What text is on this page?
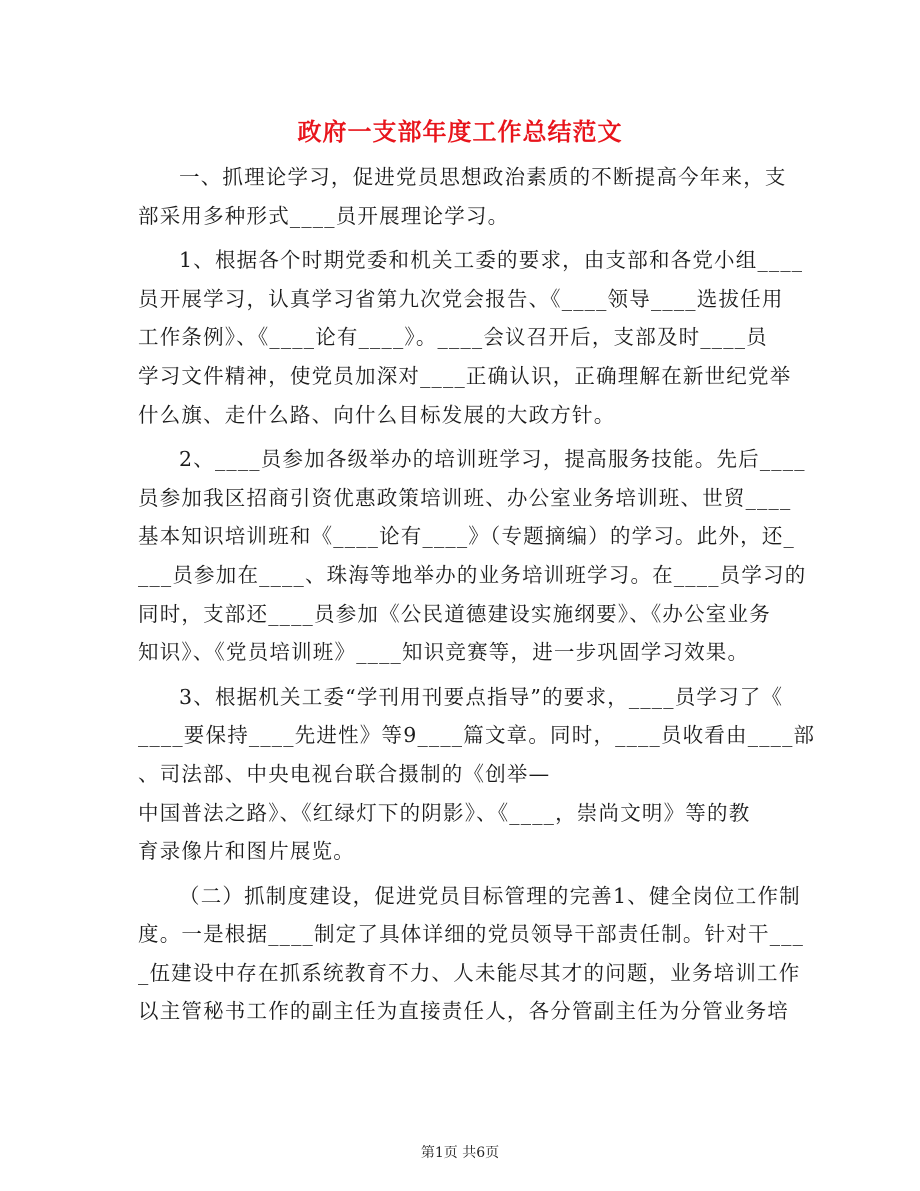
政府一支部年度工作总结范文
一、抓理论学习，促进党员思想政治素质的不断提高今年来，支
部采用多种形式____员开展理论学习。
1、根据各个时期党委和机关工委的要求，由支部和各党小组____
员开展学习，认真学习省第九次党会报告、《____领导____选拔任用
工作条例》、《____论有____》。____会议召开后，支部及时____员
学习文件精神，使党员加深对____正确认识，正确理解在新世纪党举
什么旗、走什么路、向什么目标发展的大政方针。
2、____员参加各级举办的培训班学习，提高服务技能。先后____
员参加我区招商引资优惠政策培训班、办公室业务培训班、世贸____
基本知识培训班和《____论有____》（专题摘编）的学习。此外，还_
___员参加在____、珠海等地举办的业务培训班学习。在____员学习的
同时，支部还____员参加《公民道德建设实施纲要》、《办公室业务
知识》、《党员培训班》____知识竞赛等，进一步巩固学习效果。
3、根据机关工委“学刊用刊要点指导”的要求，____员学习了《
____要保持____先进性》等9____篇文章。同时，____员收看由____部
、司法部、中央电视台联合摄制的《创举—
中国普法之路》、《红绿灯下的阴影》、《____，崇尚文明》等的教
育录像片和图片展览。
（二）抓制度建设，促进党员目标管理的完善1、健全岗位工作制
度。一是根据____制定了具体详细的党员领导干部责任制。针对干___
_伍建设中存在抓系统教育不力、人未能尽其才的问题，业务培训工作
以主管秘书工作的副主任为直接责任人，各分管副主任为分管业务培
第1页 共6页
